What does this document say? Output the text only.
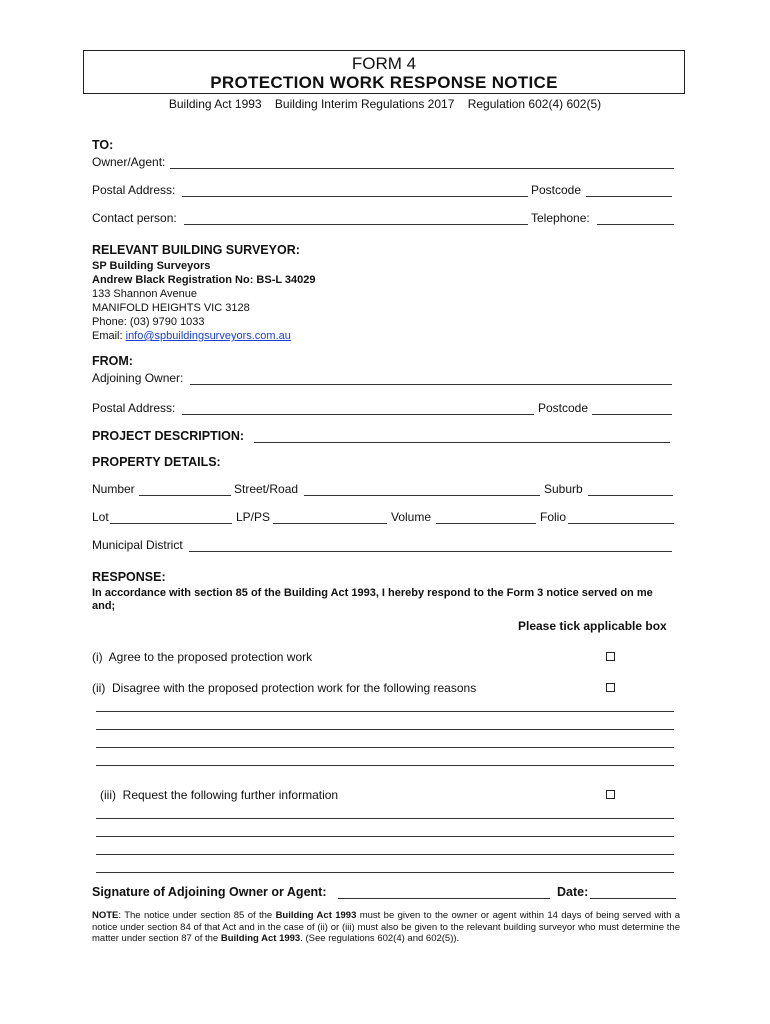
FORM 4
PROTECTION WORK RESPONSE NOTICE
Building Act 1993    Building Interim Regulations 2017    Regulation 602(4) 602(5)
TO:
Owner/Agent:
Postal Address:	Postcode
Contact person:	Telephone:
RELEVANT BUILDING SURVEYOR:
SP Building Surveyors
Andrew Black Registration No: BS-L 34029
133 Shannon Avenue
MANIFOLD HEIGHTS VIC 3128
Phone: (03) 9790 1033
Email: info@spbuildingsurveyors.com.au
FROM:
Adjoining Owner:
Postal Address:	Postcode
PROJECT DESCRIPTION:
PROPERTY DETAILS:
Number	Street/Road	Suburb
Lot	LP/PS	Volume	Folio
Municipal District
RESPONSE:
In accordance with section 85 of the Building Act 1993, I hereby respond to the Form 3 notice served on me and;
Please tick applicable box
(i)  Agree to the proposed protection work
(ii)  Disagree with the proposed protection work for the following reasons
(iii)  Request the following further information
Signature of Adjoining Owner or Agent:	Date:
NOTE: The notice under section 85 of the Building Act 1993 must be given to the owner or agent within 14 days of being served with a notice under section 84 of that Act and in the case of (ii) or (iii) must also be given to the relevant building surveyor who must determine the matter under section 87 of the Building Act 1993. (See regulations 602(4) and 602(5)).
